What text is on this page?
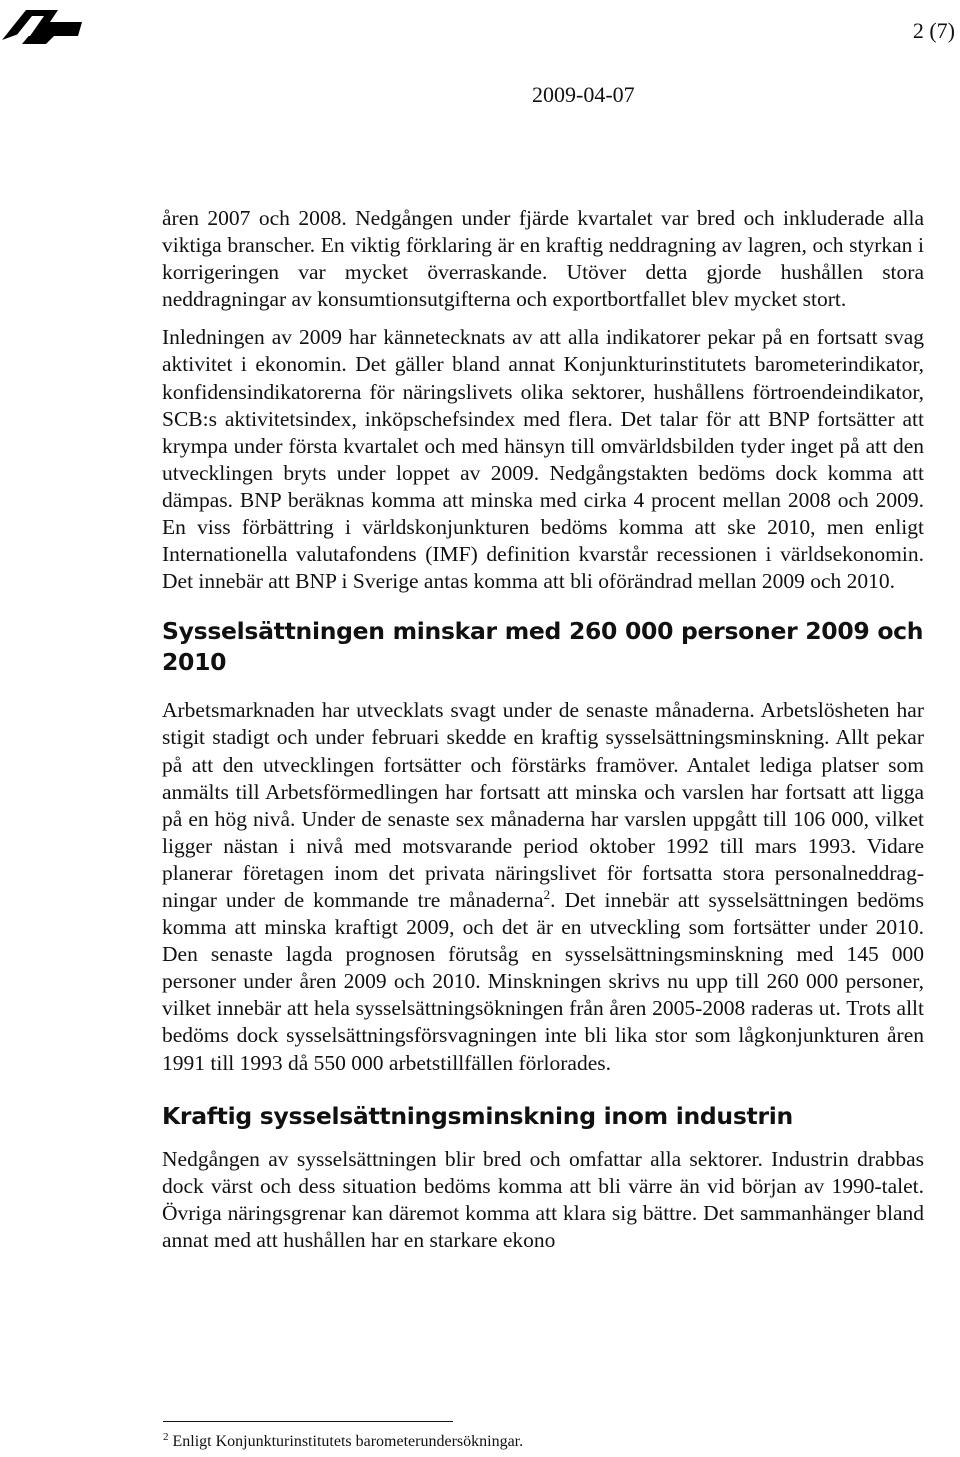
2 (7)
2009-04-07

åren 2007 och 2008. Nedgången under fjärde kvartalet var bred och inkluderade alla viktiga branscher. En viktig förklaring är en kraftig neddragning av lagren, och styrkan i korrigeringen var mycket överraskande. Utöver detta gjorde hushållen stora neddragningar av konsumtionsutgifterna och exportbortfallet blev mycket stort.

Inledningen av 2009 har kännetecknats av att alla indikatorer pekar på en fortsatt svag aktivitet i ekonomin. Det gäller bland annat Konjunkturinstitutets barometerindikator, konfidensindikatorerna för näringslivets olika sektorer, hushållens förtroendeindikator, SCB:s aktivitetsindex, inköpschefsindex med flera. Det talar för att BNP fortsätter att krympa under första kvartalet och med hänsyn till omvärldsbilden tyder inget på att den utvecklingen bryts under loppet av 2009. Nedgångstakten bedöms dock komma att dämpas. BNP beräknas komma att minska med cirka 4 procent mellan 2008 och 2009. En viss förbättring i världskonjunkturen bedöms komma att ske 2010, men enligt Internationella valutafondens (IMF) definition kvarstår recessionen i världsekonomin. Det innebär att BNP i Sverige antas komma att bli oförändrad mellan 2009 och 2010.

Sysselsättningen minskar med 260 000 personer 2009 och 2010

Arbetsmarknaden har utvecklats svagt under de senaste månaderna. Arbetslösheten har stigit stadigt och under februari skedde en kraftig sysselsättningsminskning. Allt pekar på att den utvecklingen fortsätter och förstärks framöver. Antalet lediga platser som anmälts till Arbetsförmedlingen har fortsatt att minska och varslen har fortsatt att ligga på en hög nivå. Under de senaste sex månaderna har varslen uppgått till 106 000, vilket ligger nästan i nivå med motsvarande period oktober 1992 till mars 1993. Vidare planerar företagen inom det privata näringslivet för fortsatta stora personalneddragningar under de kommande tre månaderna$^2$. Det innebär att sysselsättningen bedöms komma att minska kraftigt 2009, och det är en utveckling som fortsätter under 2010. Den senaste lagda prognosen förutsåg en sysselsättningsminskning med 145 000 personer under åren 2009 och 2010. Minskningen skrivs nu upp till 260 000 personer, vilket innebär att hela sysselsättningsökningen från åren 2005-2008 raderas ut. Trots allt bedöms dock sysselsättningsförsvagningen inte bli lika stor som lågkonjunkturen åren 1991 till 1993 då 550 000 arbetstillfällen förlorades.

Kraftig sysselsättningsminskning inom industrin

Nedgången av sysselsättningen blir bred och omfattar alla sektorer. Industrin drabbas dock värst och dess situation bedöms komma att bli värre än vid början av 1990-talet. Övriga näringsgrenar kan däremot komma att klara sig bättre. Det sammanhänger bland annat med att hushållen har en starkare ekono

$^2$ Enligt Konjunkturinstitutets barometerundersökningar.
